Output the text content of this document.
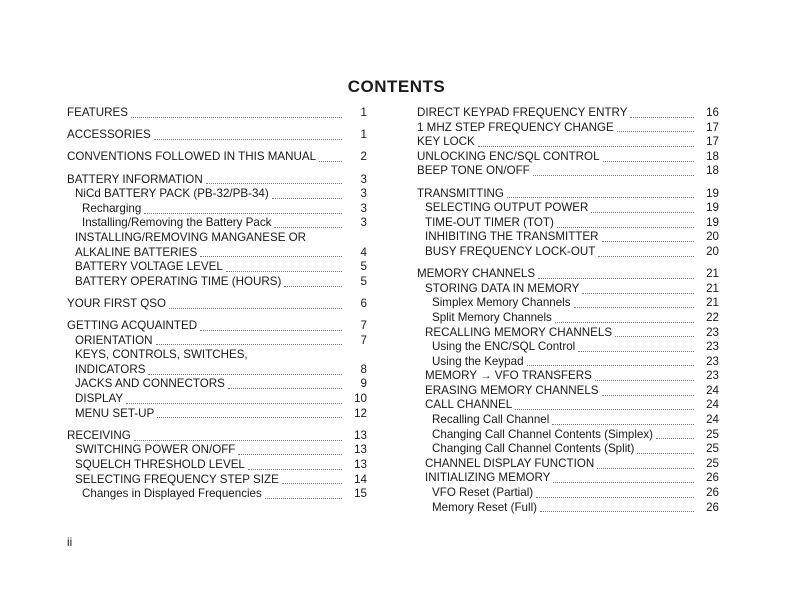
CONTENTS
FEATURES	1
ACCESSORIES	1
CONVENTIONS FOLLOWED IN THIS MANUAL	2
BATTERY INFORMATION	3
NiCd BATTERY PACK (PB-32/PB-34)	3
Recharging	3
Installing/Removing the Battery Pack	3
INSTALLING/REMOVING MANGANESE OR
ALKALINE BATTERIES	4
BATTERY VOLTAGE LEVEL	5
BATTERY OPERATING TIME (HOURS)	5
YOUR FIRST QSO	6
GETTING ACQUAINTED	7
ORIENTATION	7
KEYS, CONTROLS, SWITCHES,
INDICATORS	8
JACKS AND CONNECTORS	9
DISPLAY	10
MENU SET-UP	12
RECEIVING	13
SWITCHING POWER ON/OFF	13
SQUELCH THRESHOLD LEVEL	13
SELECTING FREQUENCY STEP SIZE	14
Changes in Displayed Frequencies	15
DIRECT KEYPAD FREQUENCY ENTRY	16
1 MHZ STEP FREQUENCY CHANGE	17
KEY LOCK	17
UNLOCKING ENC/SQL CONTROL	18
BEEP TONE ON/OFF	18
TRANSMITTING	19
SELECTING OUTPUT POWER	19
TIME-OUT TIMER (TOT)	19
INHIBITING THE TRANSMITTER	20
BUSY FREQUENCY LOCK-OUT	20
MEMORY CHANNELS	21
STORING DATA IN MEMORY	21
Simplex Memory Channels	21
Split Memory Channels	22
RECALLING MEMORY CHANNELS	23
Using the ENC/SQL Control	23
Using the Keypad	23
MEMORY → VFO TRANSFERS	23
ERASING MEMORY CHANNELS	24
CALL CHANNEL	24
Recalling Call Channel	24
Changing Call Channel Contents (Simplex)	25
Changing Call Channel Contents (Split)	25
CHANNEL DISPLAY FUNCTION	25
INITIALIZING MEMORY	26
VFO Reset (Partial)	26
Memory Reset (Full)	26
ii
